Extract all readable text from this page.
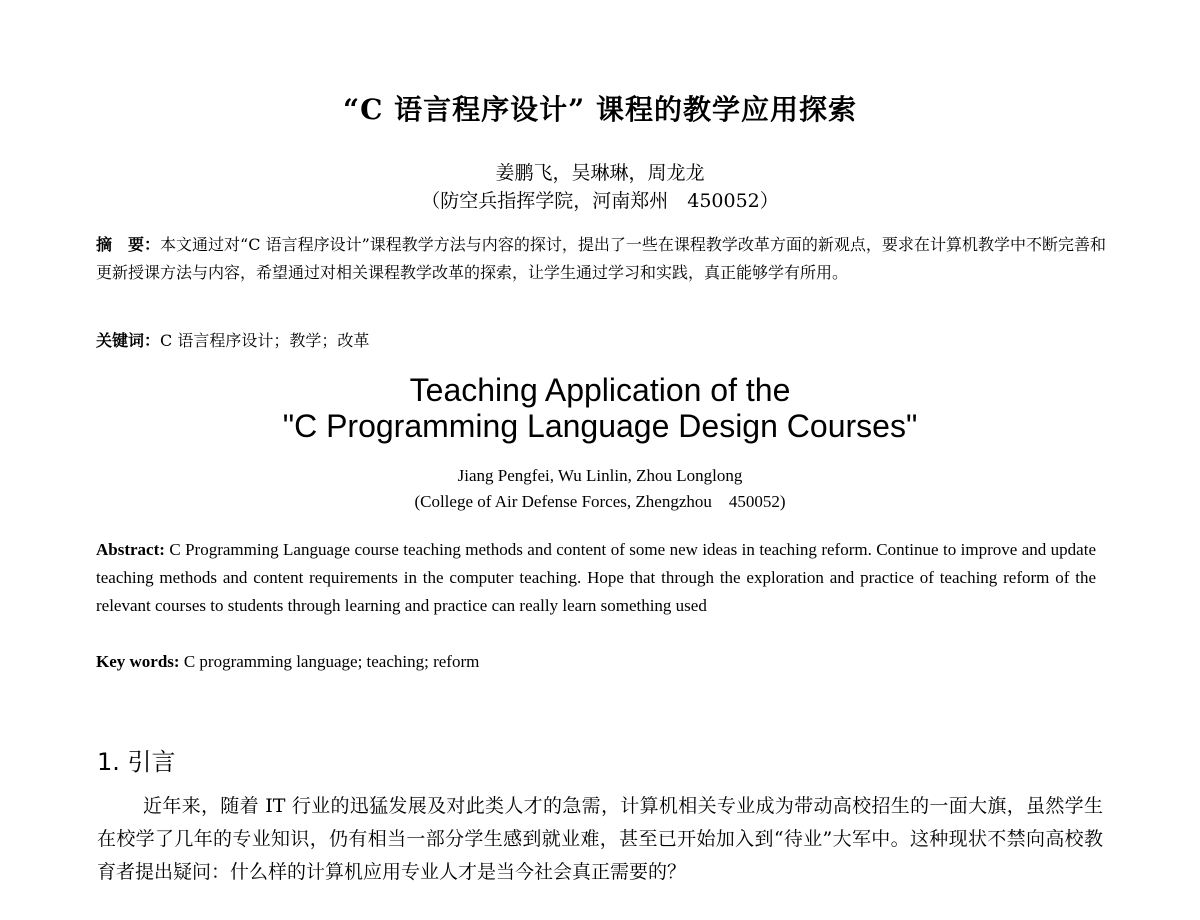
“C 语言程序设计” 课程的教学应用探索
姜鹏飞，吴琳琳，周龙龙
（防空兵指挥学院，河南郑州　450052）
摘　要：本文通过对“C 语言程序设计”课程教学方法与内容的探讨，提出了一些在课程教学改革方面的新观点，要求在计算机教学中不断完善和更新授课方法与内容，希望通过对相关课程教学改革的探索，让学生通过学习和实践，真正能够学有所用。
关键词：C 语言程序设计；教学；改革
Teaching Application of the
"C Programming Language Design Courses"
Jiang Pengfei, Wu Linlin, Zhou Longlong
(College of Air Defense Forces, Zhengzhou    450052)
Abstract: C Programming Language course teaching methods and content of some new ideas in teaching reform. Continue to improve and update teaching methods and content requirements in the computer teaching. Hope that through the exploration and practice of teaching reform of the relevant courses to students through learning and practice can really learn something used
Key words: C programming language; teaching; reform
1. 引言
近年来，随着 IT 行业的迅猛发展及对此类人才的急需，计算机相关专业成为带动高校招生的一面大旗，虽然学生在校学了几年的专业知识，仍有相当一部分学生感到就业难，甚至已开始加入到“待业”大军中。这种现状不禁向高校教育者提出疑问：什么样的计算机应用专业人才是当今社会真正需要的？
